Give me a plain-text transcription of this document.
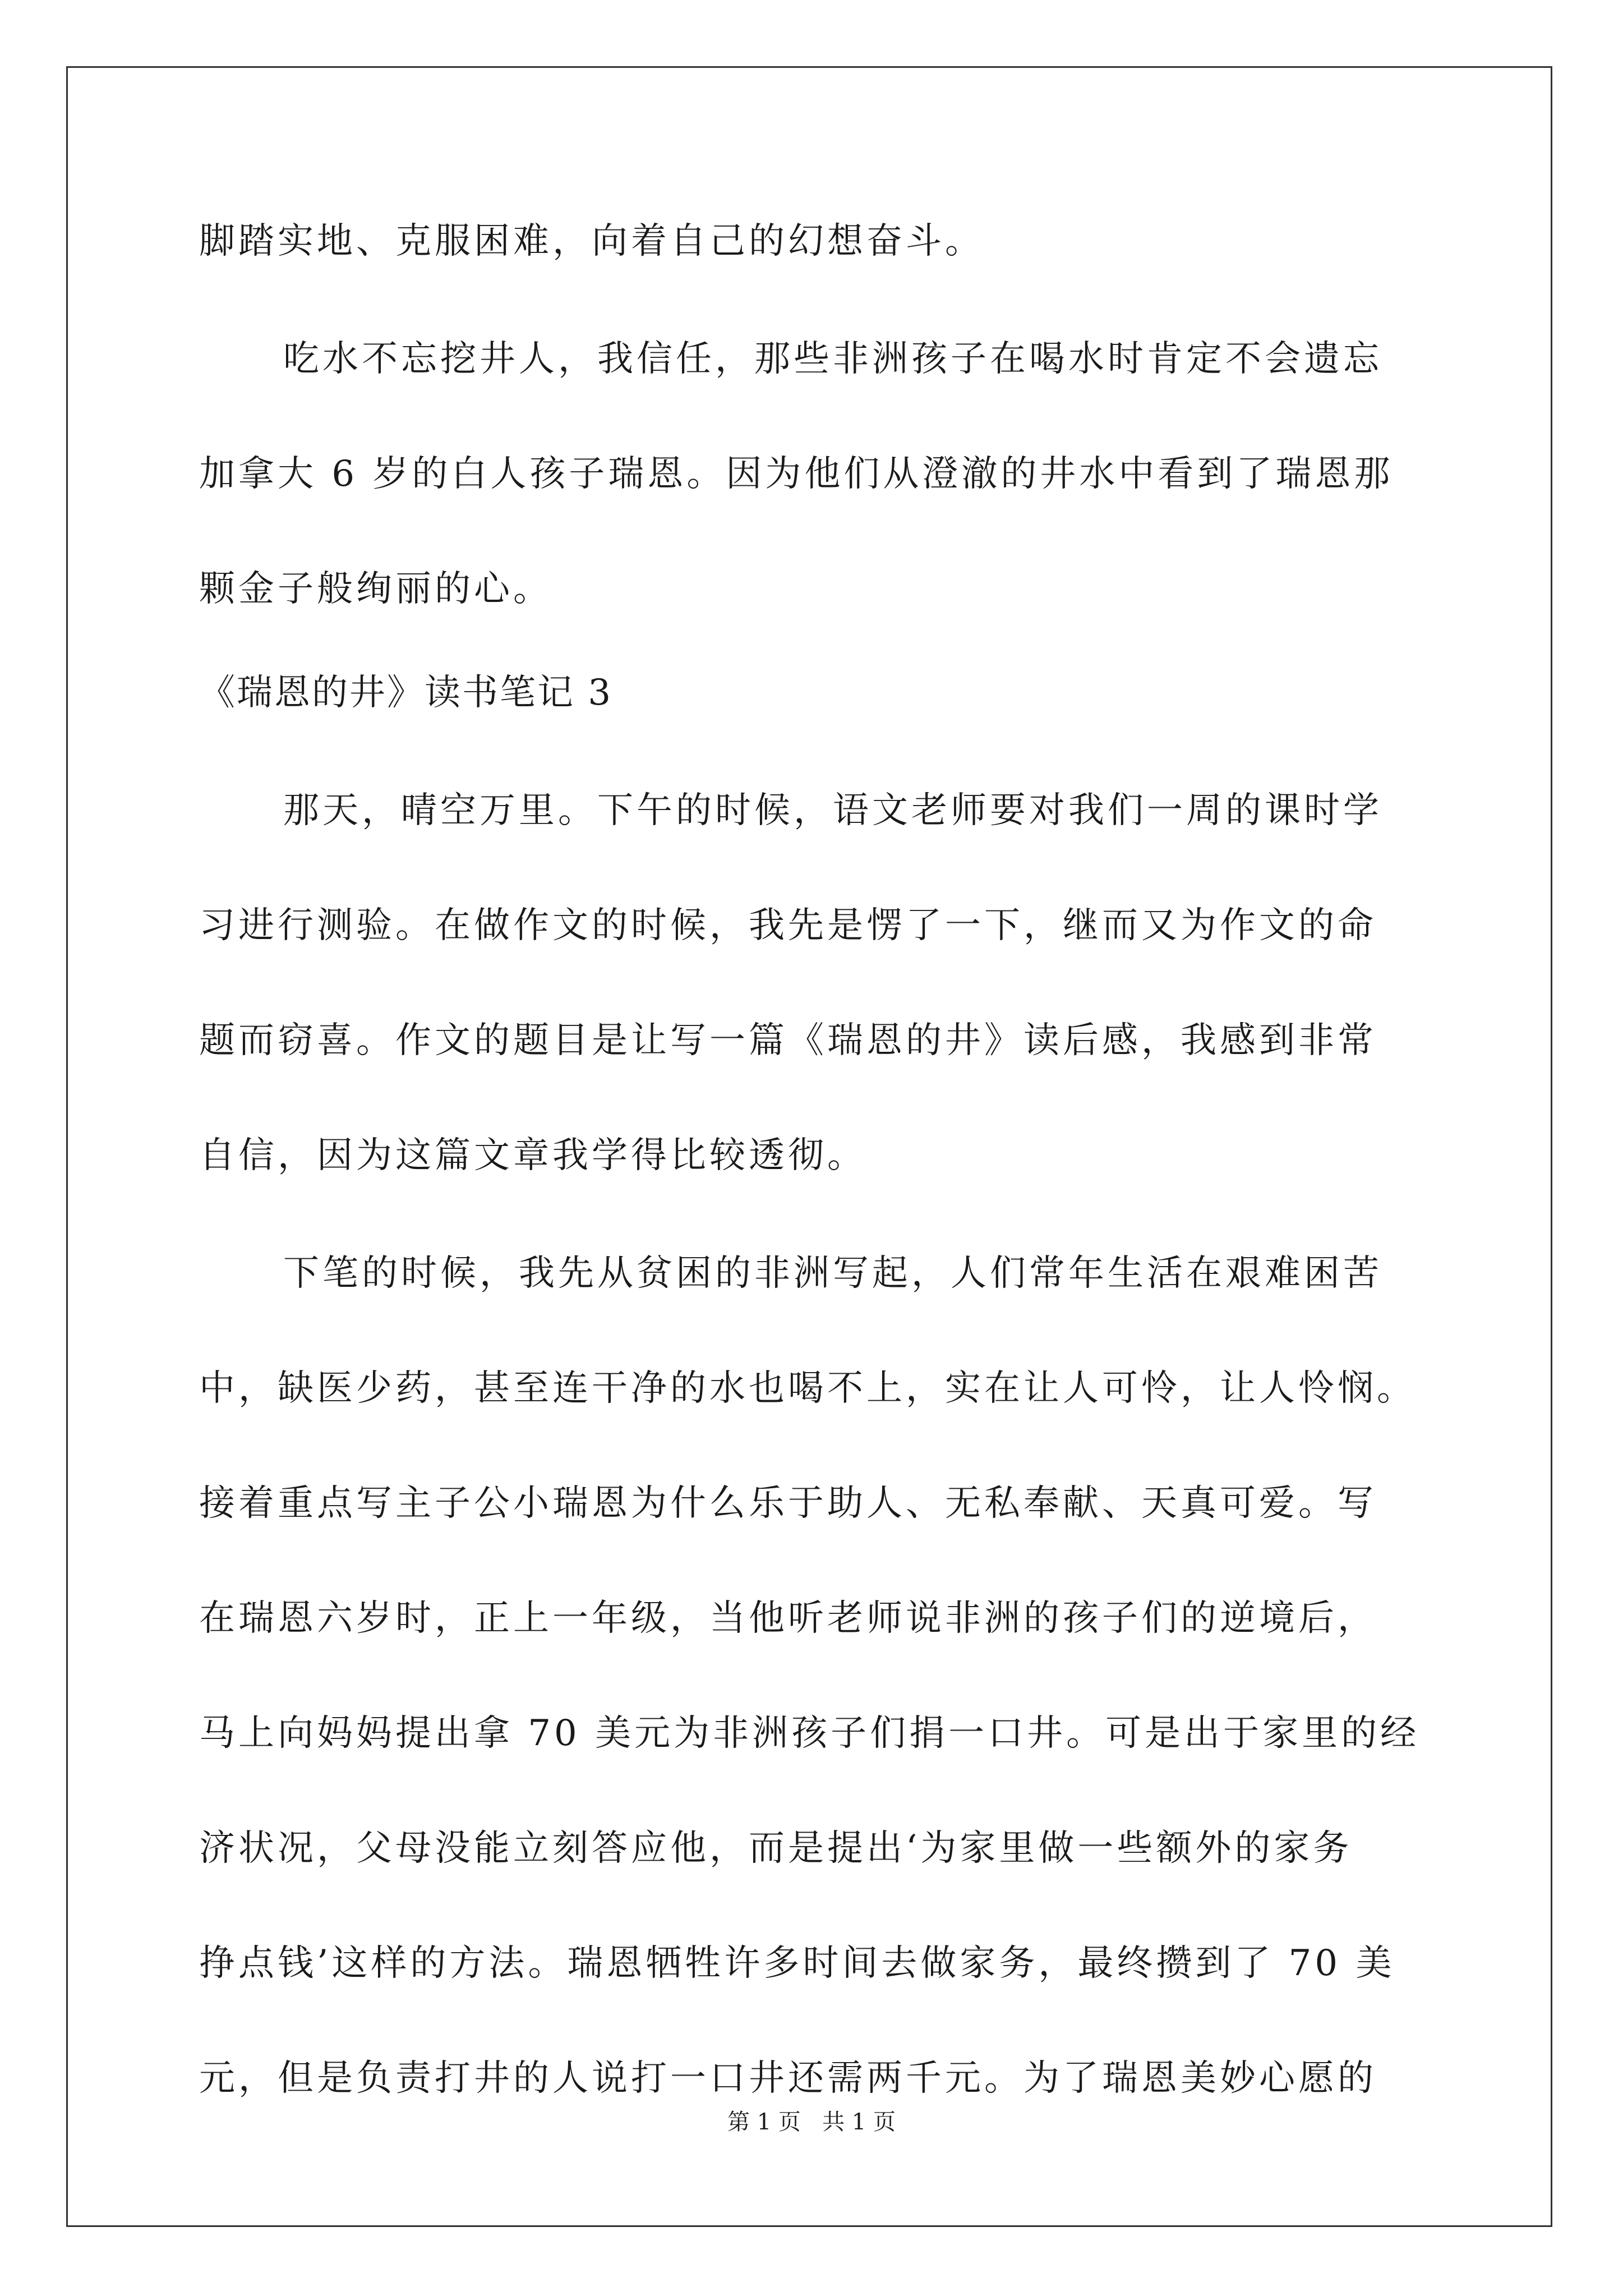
脚踏实地、克服困难，向着自己的幻想奋斗。
吃水不忘挖井人，我信任，那些非洲孩子在喝水时肯定不会遗忘
加拿大 6 岁的白人孩子瑞恩。因为他们从澄澈的井水中看到了瑞恩那
颗金子般绚丽的心。
《瑞恩的井》读书笔记 3
那天，晴空万里。下午的时候，语文老师要对我们一周的课时学
习进行测验。在做作文的时候，我先是愣了一下，继而又为作文的命
题而窃喜。作文的题目是让写一篇《瑞恩的井》读后感，我感到非常
自信，因为这篇文章我学得比较透彻。
下笔的时候，我先从贫困的非洲写起，人们常年生活在艰难困苦
中，缺医少药，甚至连干净的水也喝不上，实在让人可怜，让人怜悯。
接着重点写主子公小瑞恩为什么乐于助人、无私奉献、天真可爱。写
在瑞恩六岁时，正上一年级，当他听老师说非洲的孩子们的逆境后，
马上向妈妈提出拿 70 美元为非洲孩子们捐一口井。可是出于家里的经
济状况，父母没能立刻答应他，而是提出‘为家里做一些额外的家务
挣点钱’这样的方法。瑞恩牺牲许多时间去做家务，最终攒到了 70 美
元，但是负责打井的人说打一口井还需两千元。为了瑞恩美妙心愿的
第 1 页   共 1 页
